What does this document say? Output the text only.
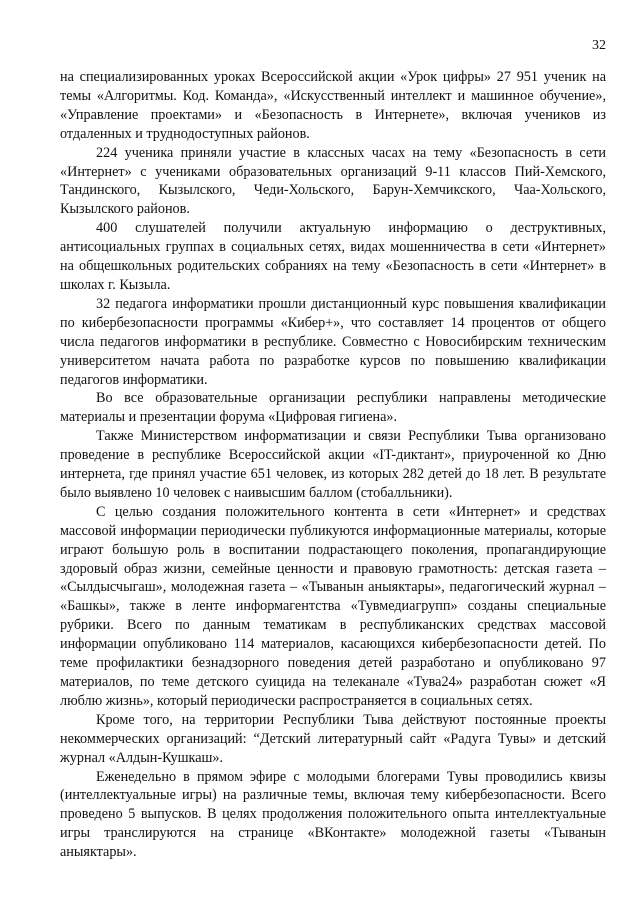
32

на специализированных уроках Всероссийской акции «Урок цифры» 27 951 ученик на темы «Алгоритмы. Код. Команда», «Искусственный интеллект и машинное обучение», «Управление проектами» и «Безопасность в Интернете», включая учеников из отдаленных и труднодоступных районов.

224 ученика приняли участие в классных часах на тему «Безопасность в сети «Интернет» с учениками образовательных организаций 9-11 классов Пий-Хемского, Тандинского, Кызылского, Чеди-Хольского, Барун-Хемчикского, Чаа-Хольского, Кызылского районов.

400 слушателей получили актуальную информацию о деструктивных, антисоциальных группах в социальных сетях, видах мошенничества в сети «Интернет» на общешкольных родительских собраниях на тему «Безопасность в сети «Интернет» в школах г. Кызыла.

32 педагога информатики прошли дистанционный курс повышения квалификации по кибербезопасности программы «Кибер+», что составляет 14 процентов от общего числа педагогов информатики в республике. Совместно с Новосибирским техническим университетом начата работа по разработке курсов по повышению квалификации педагогов информатики.

Во все образовательные организации республики направлены методические материалы и презентации форума «Цифровая гигиена».

Также Министерством информатизации и связи Республики Тыва организовано проведение в республике Всероссийской акции «IT-диктант», приуроченной ко Дню интернета, где принял участие 651 человек, из которых 282 детей до 18 лет. В результате было выявлено 10 человек с наивысшим баллом (стобалльники).

С целью создания положительного контента в сети «Интернет» и средствах массовой информации периодически публикуются информационные материалы, которые играют большую роль в воспитании подрастающего поколения, пропагандирующие здоровый образ жизни, семейные ценности и правовую грамотность: детская газета – «Сылдысчыгаш», молодежная газета – «Тыванын аныяктары», педагогический журнал – «Башкы», также в ленте информагентства «Тувмедиагрупп» созданы специальные рубрики. Всего по данным тематикам в республиканских средствах массовой информации опубликовано 114 материалов, касающихся кибербезопасности детей. По теме профилактики безнадзорного поведения детей разработано и опубликовано 97 материалов, по теме детского суицида на телеканале «Тува24» разработан сюжет «Я люблю жизнь», который периодически распространяется в социальных сетях.

Кроме того, на территории Республики Тыва действуют постоянные проекты некоммерческих организаций: “Детский литературный сайт «Радуга Тувы» и детский журнал «Алдын-Кушкаш».

Еженедельно в прямом эфире с молодыми блогерами Тувы проводились квизы (интеллектуальные игры) на различные темы, включая тему кибербезопасности. Всего проведено 5 выпусков. В целях продолжения положительного опыта интеллектуальные игры транслируются на странице «ВКонтакте» молодежной газеты «Тыванын аныяктары».
